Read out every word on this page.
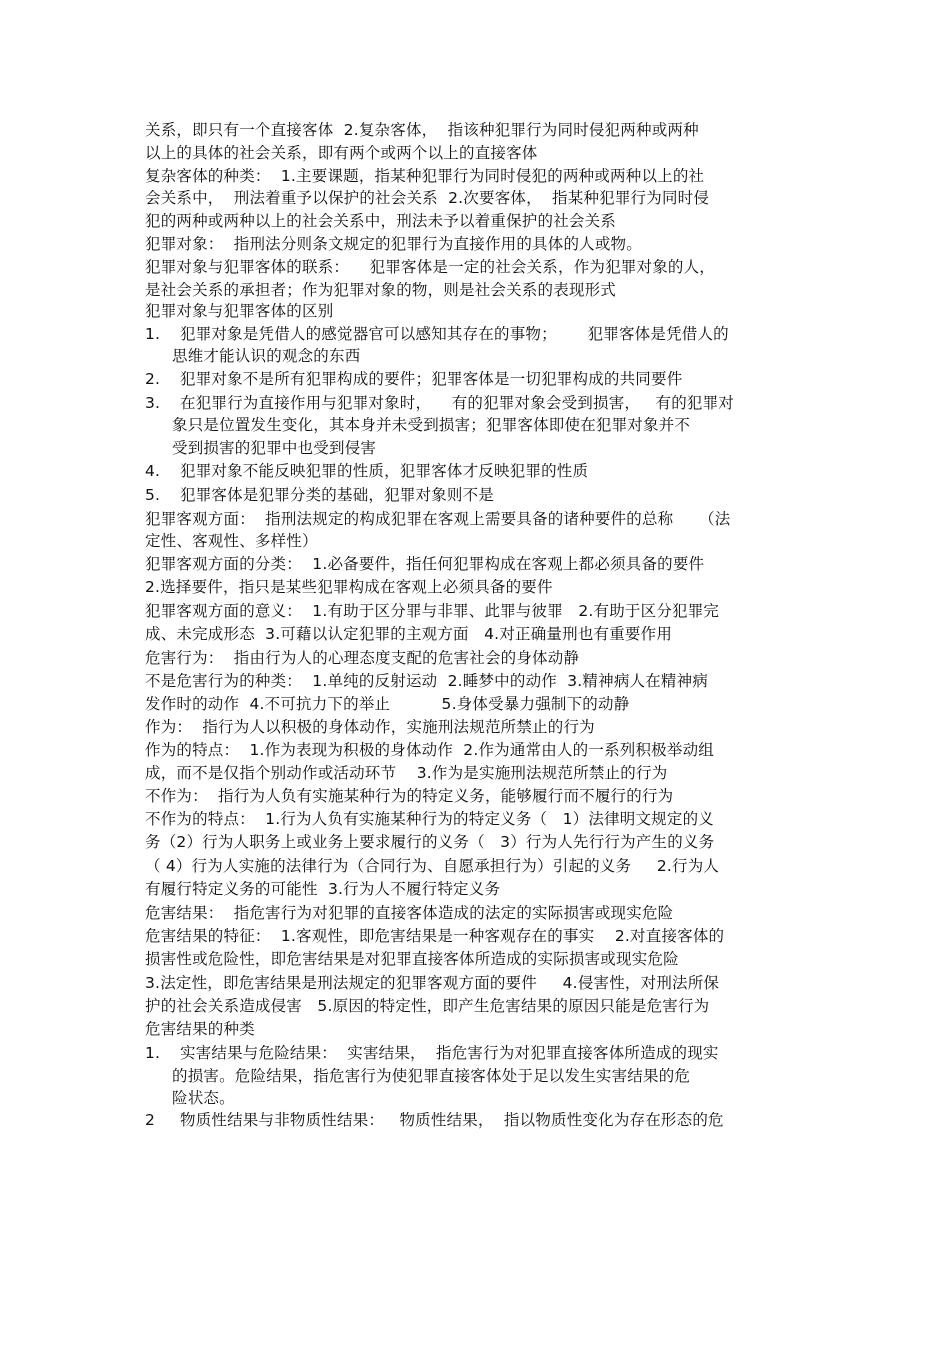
关系，即只有一个直接客体  2.复杂客体，  指该种犯罪行为同时侵犯两种或两种
以上的具体的社会关系，即有两个或两个以上的直接客体
复杂客体的种类：  1.主要课题，指某种犯罪行为同时侵犯的两种或两种以上的社
会关系中，  刑法着重予以保护的社会关系  2.次要客体，  指某种犯罪行为同时侵
犯的两种或两种以上的社会关系中，刑法未予以着重保护的社会关系
犯罪对象：  指刑法分则条文规定的犯罪行为直接作用的具体的人或物。
犯罪对象与犯罪客体的联系：    犯罪客体是一定的社会关系，作为犯罪对象的人，
是社会关系的承担者；作为犯罪对象的物，则是社会关系的表现形式
犯罪对象与犯罪客体的区别
1. 犯罪对象是凭借人的感觉器官可以感知其存在的事物；      犯罪客体是凭借人的
思维才能认识的观念的东西
2. 犯罪对象不是所有犯罪构成的要件；犯罪客体是一切犯罪构成的共同要件
3. 在犯罪行为直接作用与犯罪对象时，    有的犯罪对象会受到损害，   有的犯罪对
象只是位置发生变化，其本身并未受到损害；犯罪客体即使在犯罪对象并不
受到损害的犯罪中也受到侵害
4. 犯罪对象不能反映犯罪的性质，犯罪客体才反映犯罪的性质
5. 犯罪客体是犯罪分类的基础，犯罪对象则不是
犯罪客观方面：  指刑法规定的构成犯罪在客观上需要具备的诸种要件的总称     （法
定性、客观性、多样性）
犯罪客观方面的分类：  1.必备要件，指任何犯罪构成在客观上都必须具备的要件
2.选择要件，指只是某些犯罪构成在客观上必须具备的要件
犯罪客观方面的意义：  1.有助于区分罪与非罪、此罪与彼罪   2.有助于区分犯罪完
成、未完成形态  3.可藉以认定犯罪的主观方面   4.对正确量刑也有重要作用
危害行为：  指由行为人的心理态度支配的危害社会的身体动静
不是危害行为的种类：  1.单纯的反射运动  2.睡梦中的动作  3.精神病人在精神病
发作时的动作  4.不可抗力下的举止          5.身体受暴力强制下的动静
作为：  指行为人以积极的身体动作，实施刑法规范所禁止的行为
作为的特点：  1.作为表现为积极的身体动作  2.作为通常由人的一系列积极举动组
成，而不是仅指个别动作或活动环节    3.作为是实施刑法规范所禁止的行为
不作为：  指行为人负有实施某种行为的特定义务，能够履行而不履行的行为
不作为的特点：  1.行为人负有实施某种行为的特定义务（   1）法律明文规定的义
务（2）行为人职务上或业务上要求履行的义务（   3）行为人先行行为产生的义务
（ 4）行为人实施的法律行为（合同行为、自愿承担行为）引起的义务     2.行为人
有履行特定义务的可能性  3.行为人不履行特定义务
危害结果：  指危害行为对犯罪的直接客体造成的法定的实际损害或现实危险
危害结果的特征：  1.客观性，即危害结果是一种客观存在的事实    2.对直接客体的
损害性或危险性，即危害结果是对犯罪直接客体所造成的实际损害或现实危险
3.法定性，即危害结果是刑法规定的犯罪客观方面的要件     4.侵害性，对刑法所保
护的社会关系造成侵害   5.原因的特定性，即产生危害结果的原因只能是危害行为
危害结果的种类
1. 实害结果与危险结果：  实害结果，  指危害行为对犯罪直接客体所造成的现实
的损害。危险结果，指危害行为使犯罪直接客体处于足以发生实害结果的危
险状态。
2 物质性结果与非物质性结果：   物质性结果，  指以物质性变化为存在形态的危
